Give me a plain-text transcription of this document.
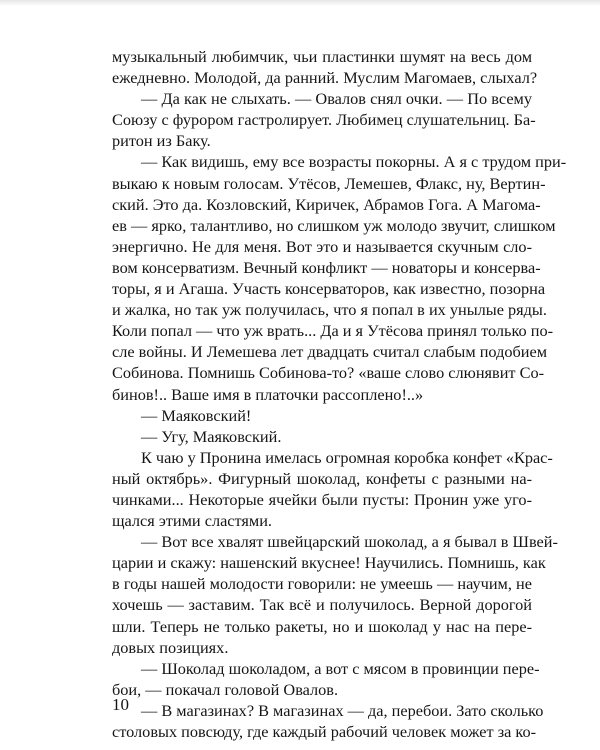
музыкальный любимчик, чьи пластинки шумят на весь дом
ежедневно. Молодой, да ранний. Муслим Магомаев, слыхал?
— Да как не слыхать. — Овалов снял очки. — По всему
Союзу с фурором гастролирует. Любимец слушательниц. Ба-
ритон из Баку.
— Как видишь, ему все возрасты покорны. А я с трудом при-
выкаю к новым голосам. Утёсов, Лемешев, Флакс, ну, Вертин-
ский. Это да. Козловский, Киричек, Абрамов Гога. А Магома-
ев — ярко, талантливо, но слишком уж молодо звучит, слишком
энергично. Не для меня. Вот это и называется скучным сло-
вом консерватизм. Вечный конфликт — новаторы и консерва-
торы, я и Агаша. Участь консерваторов, как известно, позорна
и жалка, но так уж получилась, что я попал в их унылые ряды.
Коли попал — что уж врать... Да и я Утёсова принял только по-
сле войны. И Лемешева лет двадцать считал слабым подобием
Собинова. Помнишь Собинова-то? «ваше слово слюнявит Со-
бинов!.. Ваше имя в платочки рассоплено!..»
— Маяковский!
— Угу, Маяковский.
К чаю у Пронина имелась огромная коробка конфет «Крас-
ный октябрь». Фигурный шоколад, конфеты с разными на-
чинками... Некоторые ячейки были пусты: Пронин уже уго-
щался этими сластями.
— Вот все хвалят швейцарский шоколад, а я бывал в Швей-
царии и скажу: нашенский вкуснее! Научились. Помнишь, как
в годы нашей молодости говорили: не умеешь — научим, не
хочешь — заставим. Так всё и получилось. Верной дорогой
шли. Теперь не только ракеты, но и шоколад у нас на пере-
довых позициях.
— Шоколад шоколадом, а вот с мясом в провинции пере-
бои, — покачал головой Овалов.
— В магазинах? В магазинах — да, перебои. Зато сколько
столовых повсюду, где каждый рабочий человек может за ко-
10
